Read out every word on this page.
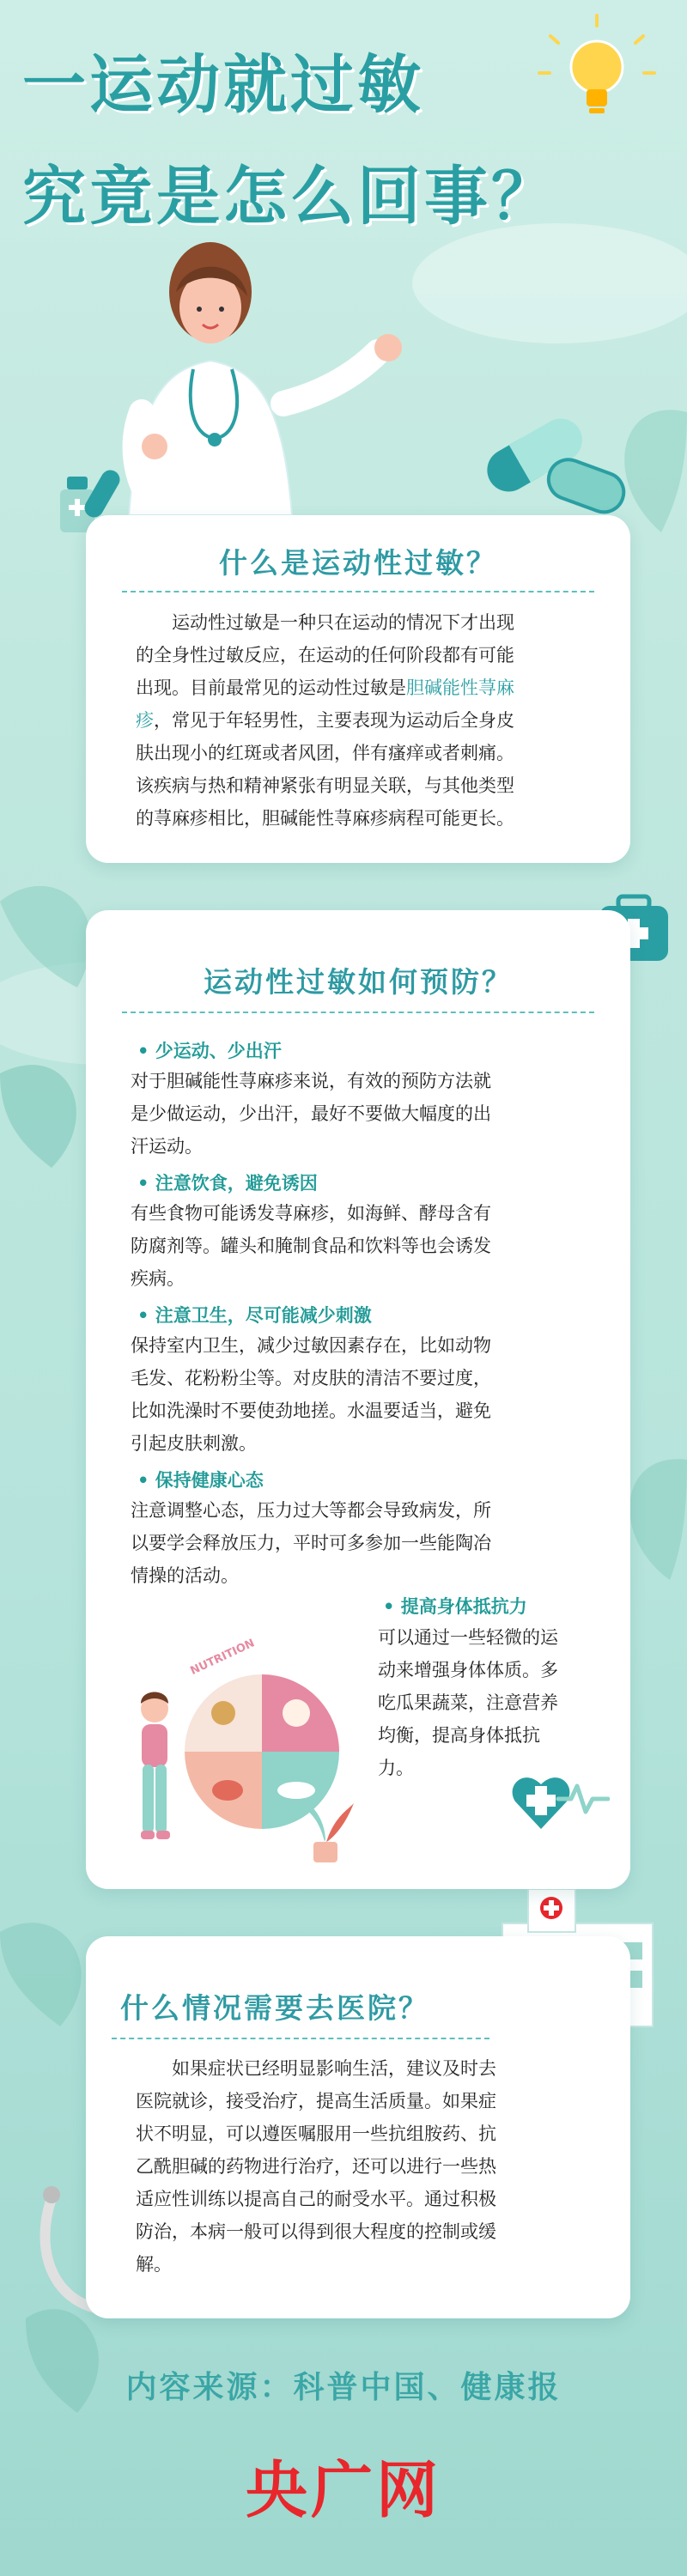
一运动就过敏
究竟是怎么回事？
什么是运动性过敏？
运动性过敏是一种只在运动的情况下才出现
的全身性过敏反应，在运动的任何阶段都有可能
出现。目前最常见的运动性过敏是胆碱能性荨麻
疹，常见于年轻男性，主要表现为运动后全身皮
肤出现小的红斑或者风团，伴有瘙痒或者刺痛。
该疾病与热和精神紧张有明显关联，与其他类型
的荨麻疹相比，胆碱能性荨麻疹病程可能更长。
运动性过敏如何预防？
• 少运动、少出汗
对于胆碱能性荨麻疹来说，有效的预防方法就
是少做运动，少出汗，最好不要做大幅度的出
汗运动。
• 注意饮食，避免诱因
有些食物可能诱发荨麻疹，如海鲜、酵母含有
防腐剂等。罐头和腌制食品和饮料等也会诱发
疾病。
• 注意卫生，尽可能减少刺激
保持室内卫生，减少过敏因素存在，比如动物
毛发、花粉粉尘等。对皮肤的清洁不要过度，
比如洗澡时不要使劲地搓。水温要适当，避免
引起皮肤刺激。
• 保持健康心态
注意调整心态，压力过大等都会导致病发，所
以要学会释放压力，平时可多参加一些能陶冶
情操的活动。
• 提高身体抵抗力
可以通过一些轻微的运
动来增强身体体质。多
吃瓜果蔬菜，注意营养
均衡，提高身体抵抗
力。
NUTRITION
什么情况需要去医院？
如果症状已经明显影响生活，建议及时去
医院就诊，接受治疗，提高生活质量。如果症
状不明显，可以遵医嘱服用一些抗组胺药、抗
乙酰胆碱的药物进行治疗，还可以进行一些热
适应性训练以提高自己的耐受水平。通过积极
防治，本病一般可以得到很大程度的控制或缓
解。
内容来源：科普中国、健康报
央广网
